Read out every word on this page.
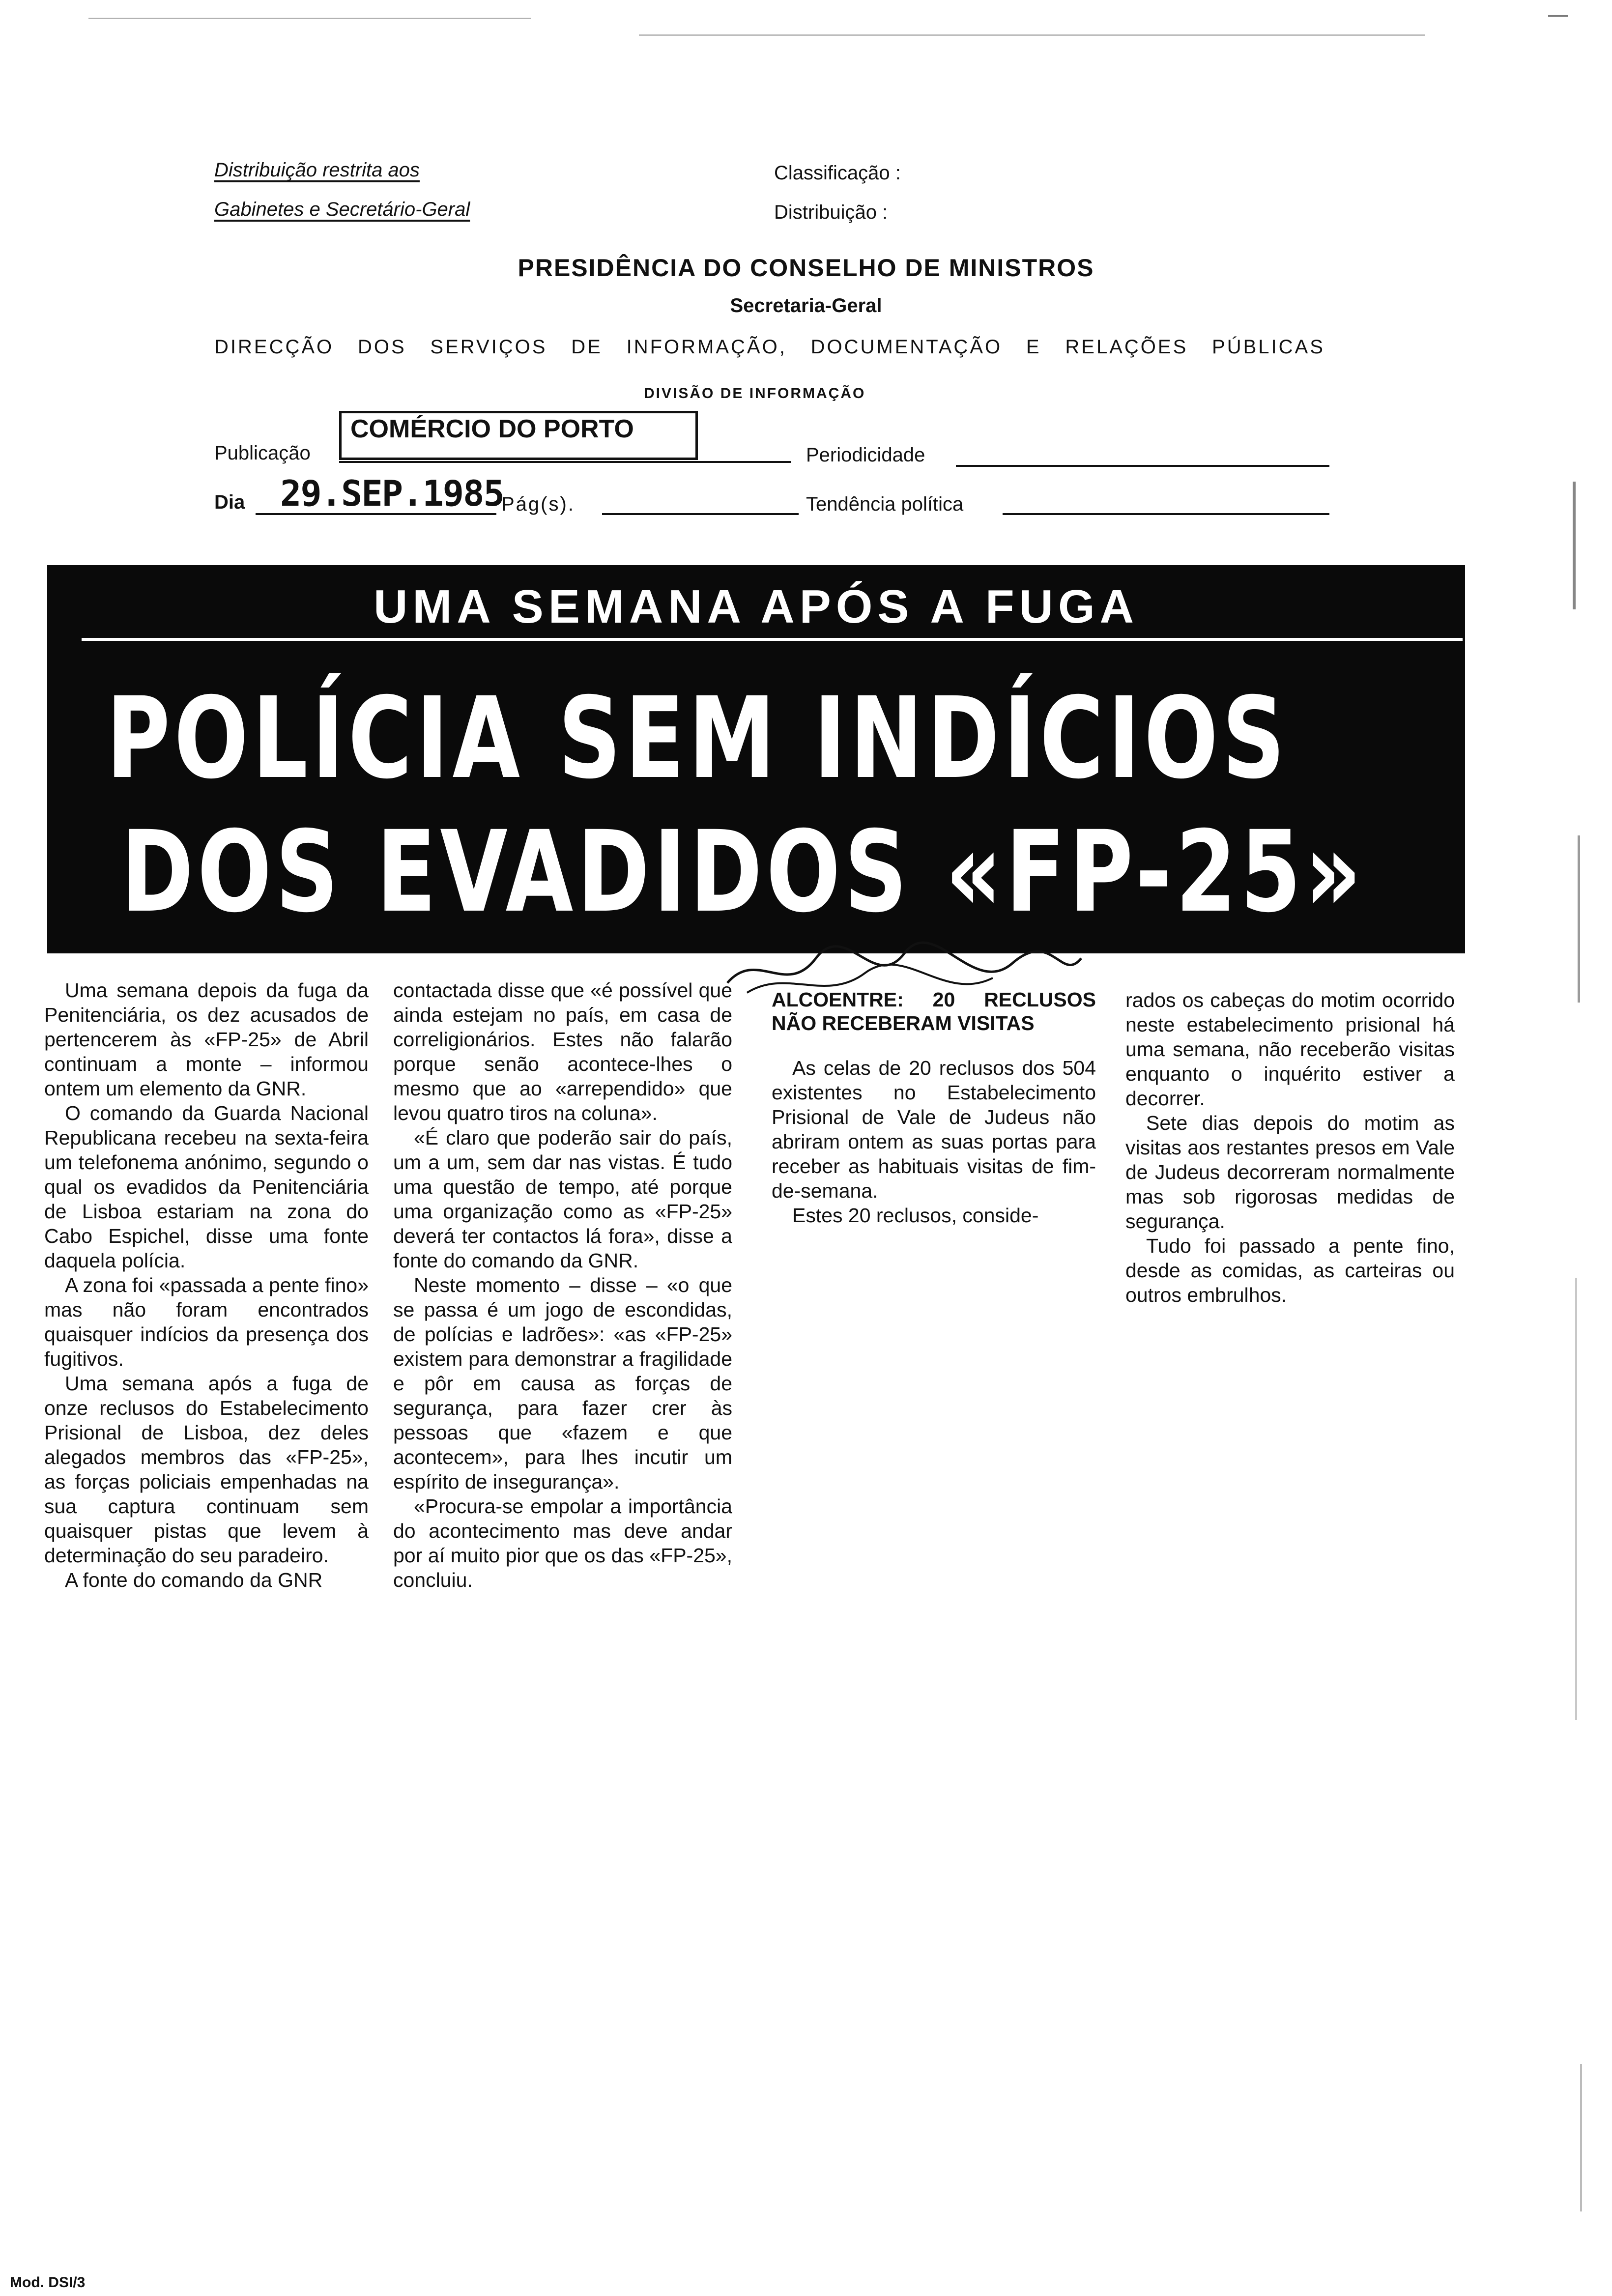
Distribuição restrita aos
Gabinetes e Secretário-Geral
Classificação :
Distribuição :
PRESIDÊNCIA DO CONSELHO DE MINISTROS
Secretaria-Geral
DIRECÇÃO DOS SERVIÇOS DE INFORMAÇÃO, DOCUMENTAÇÃO E RELAÇÕES PÚBLICAS
DIVISÃO DE INFORMAÇÃO
Publicação
COMÉRCIO DO PORTO
Periodicidade
Dia 29.SEP.1985
Pág(s).	Tendência política
UMA SEMANA APÓS A FUGA
POLÍCIA SEM INDÍCIOS
DOS EVADIDOS «FP-25»

Uma semana depois da fuga da Penitenciária, os dez acusados de pertencerem às «FP-25» de Abril continuam a monte – informou ontem um elemento da GNR.

O comando da Guarda Nacional Republicana recebeu na sexta-feira um telefonema anónimo, segundo o qual os evadidos da Penitenciária de Lisboa estariam na zona do Cabo Espichel, disse uma fonte daquela polícia.

A zona foi «passada a pente fino» mas não foram encontrados quaisquer indícios da presença dos fugitivos.

Uma semana após a fuga de onze reclusos do Estabelecimento Prisional de Lisboa, dez deles alegados membros das «FP-25», as forças policiais empenhadas na sua captura continuam sem quaisquer pistas que levem à determinação do seu paradeiro.

A fonte do comando da GNR

contactada disse que «é possível que ainda estejam no país, em casa de correligionários. Estes não falarão porque senão acontece-lhes o mesmo que ao «arrependido» que levou quatro tiros na coluna».

«É claro que poderão sair do país, um a um, sem dar nas vistas. É tudo uma questão de tempo, até porque uma organização como as «FP-25» deverá ter contactos lá fora», disse a fonte do comando da GNR.

Neste momento – disse – «o que se passa é um jogo de escondidas, de polícias e ladrões»: «as «FP-25» existem para demonstrar a fragilidade e pôr em causa as forças de segurança, para fazer crer às pessoas que «fazem e que acontecem», para lhes incutir um espírito de insegurança».

«Procura-se empolar a importância do acontecimento mas deve andar por aí muito pior que os das «FP-25», concluiu.

ALCOENTRE: 20 RECLUSOS NÃO RECEBERAM VISITAS

As celas de 20 reclusos dos 504 existentes no Estabelecimento Prisional de Vale de Judeus não abriram ontem as suas portas para receber as habituais visitas de fim-de-semana.

Estes 20 reclusos, conside-

rados os cabeças do motim ocorrido neste estabelecimento prisional há uma semana, não receberão visitas enquanto o inquérito estiver a decorrer.

Sete dias depois do motim as visitas aos restantes presos em Vale de Judeus decorreram normalmente mas sob rigorosas medidas de segurança.

Tudo foi passado a pente fino, desde as comidas, as carteiras ou outros embrulhos.

Mod. DSI/3
